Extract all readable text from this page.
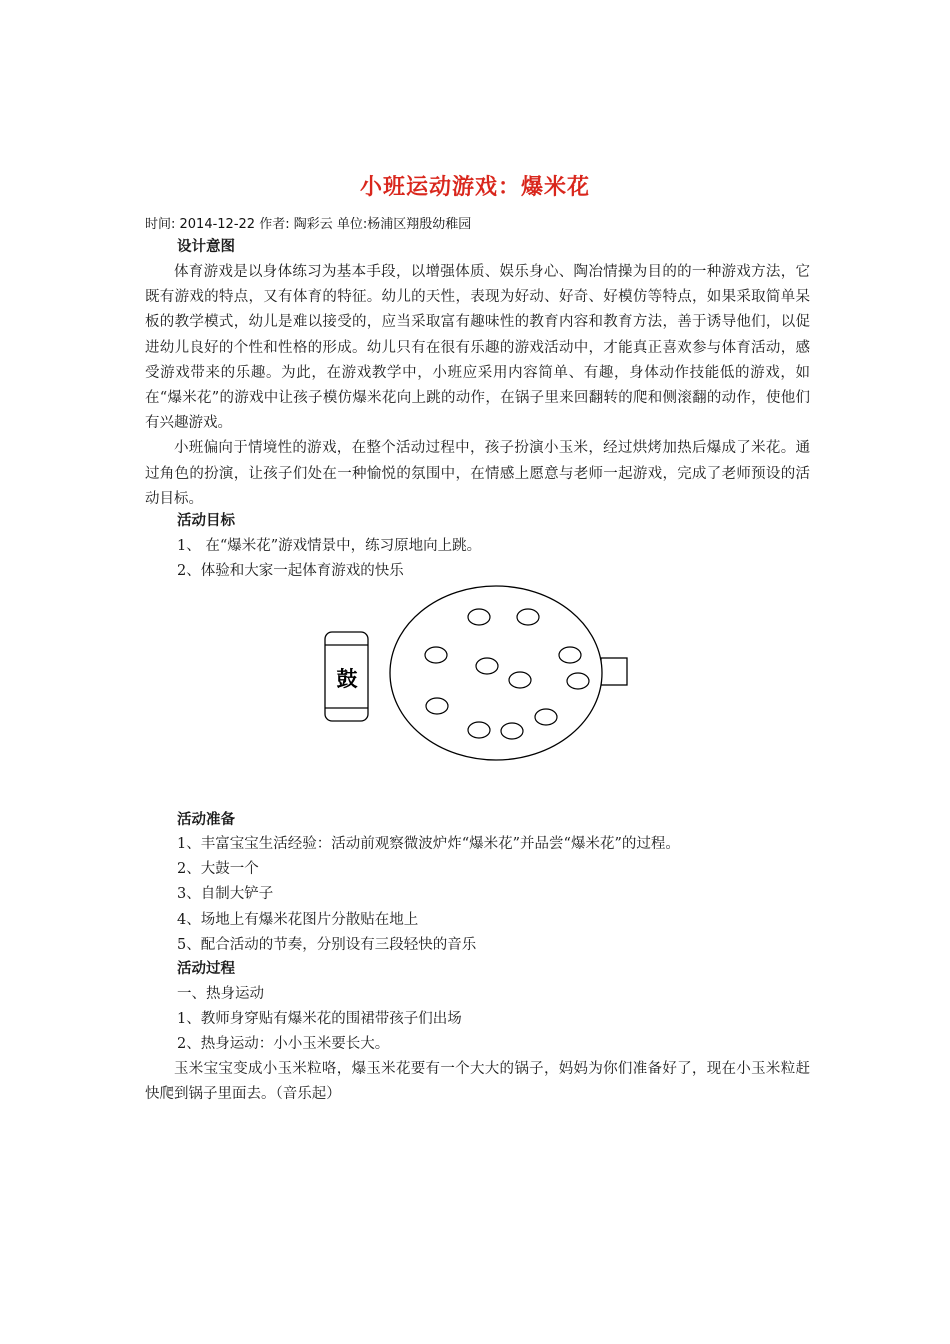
小班运动游戏：爆米花
时间: 2014-12-22 作者: 陶彩云 单位:杨浦区翔殷幼稚园
设计意图

体育游戏是以身体练习为基本手段，以增强体质、娱乐身心、陶冶情操为目的的一种游戏方法，它既有游戏的特点，又有体育的特征。幼儿的天性，表现为好动、好奇、好模仿等特点，如果采取简单呆板的教学模式，幼儿是难以接受的，应当采取富有趣味性的教育内容和教育方法，善于诱导他们，以促进幼儿良好的个性和性格的形成。幼儿只有在很有乐趣的游戏活动中，才能真正喜欢参与体育活动，感受游戏带来的乐趣。为此，在游戏教学中，小班应采用内容简单、有趣，身体动作技能低的游戏，如在“爆米花”的游戏中让孩子模仿爆米花向上跳的动作，在锅子里来回翻转的爬和侧滚翻的动作，使他们有兴趣游戏。

小班偏向于情境性的游戏，在整个活动过程中，孩子扮演小玉米，经过烘烤加热后爆成了米花。通过角色的扮演，让孩子们处在一种愉悦的氛围中，在情感上愿意与老师一起游戏，完成了老师预设的活动目标。

活动目标
1、 在“爆米花”游戏情景中，练习原地向上跳。
2、体验和大家一起体育游戏的快乐
鼓
活动准备
1、丰富宝宝生活经验：活动前观察微波炉炸“爆米花”并品尝“爆米花”的过程。
2、大鼓一个
3、自制大铲子
4、场地上有爆米花图片分散贴在地上
5、配合活动的节奏，分别设有三段轻快的音乐
活动过程
一、热身运动
1、教师身穿贴有爆米花的围裙带孩子们出场
2、热身运动：小小玉米要长大。

玉米宝宝变成小玉米粒咯，爆玉米花要有一个大大的锅子，妈妈为你们准备好了，现在小玉米粒赶快爬到锅子里面去。（音乐起）
